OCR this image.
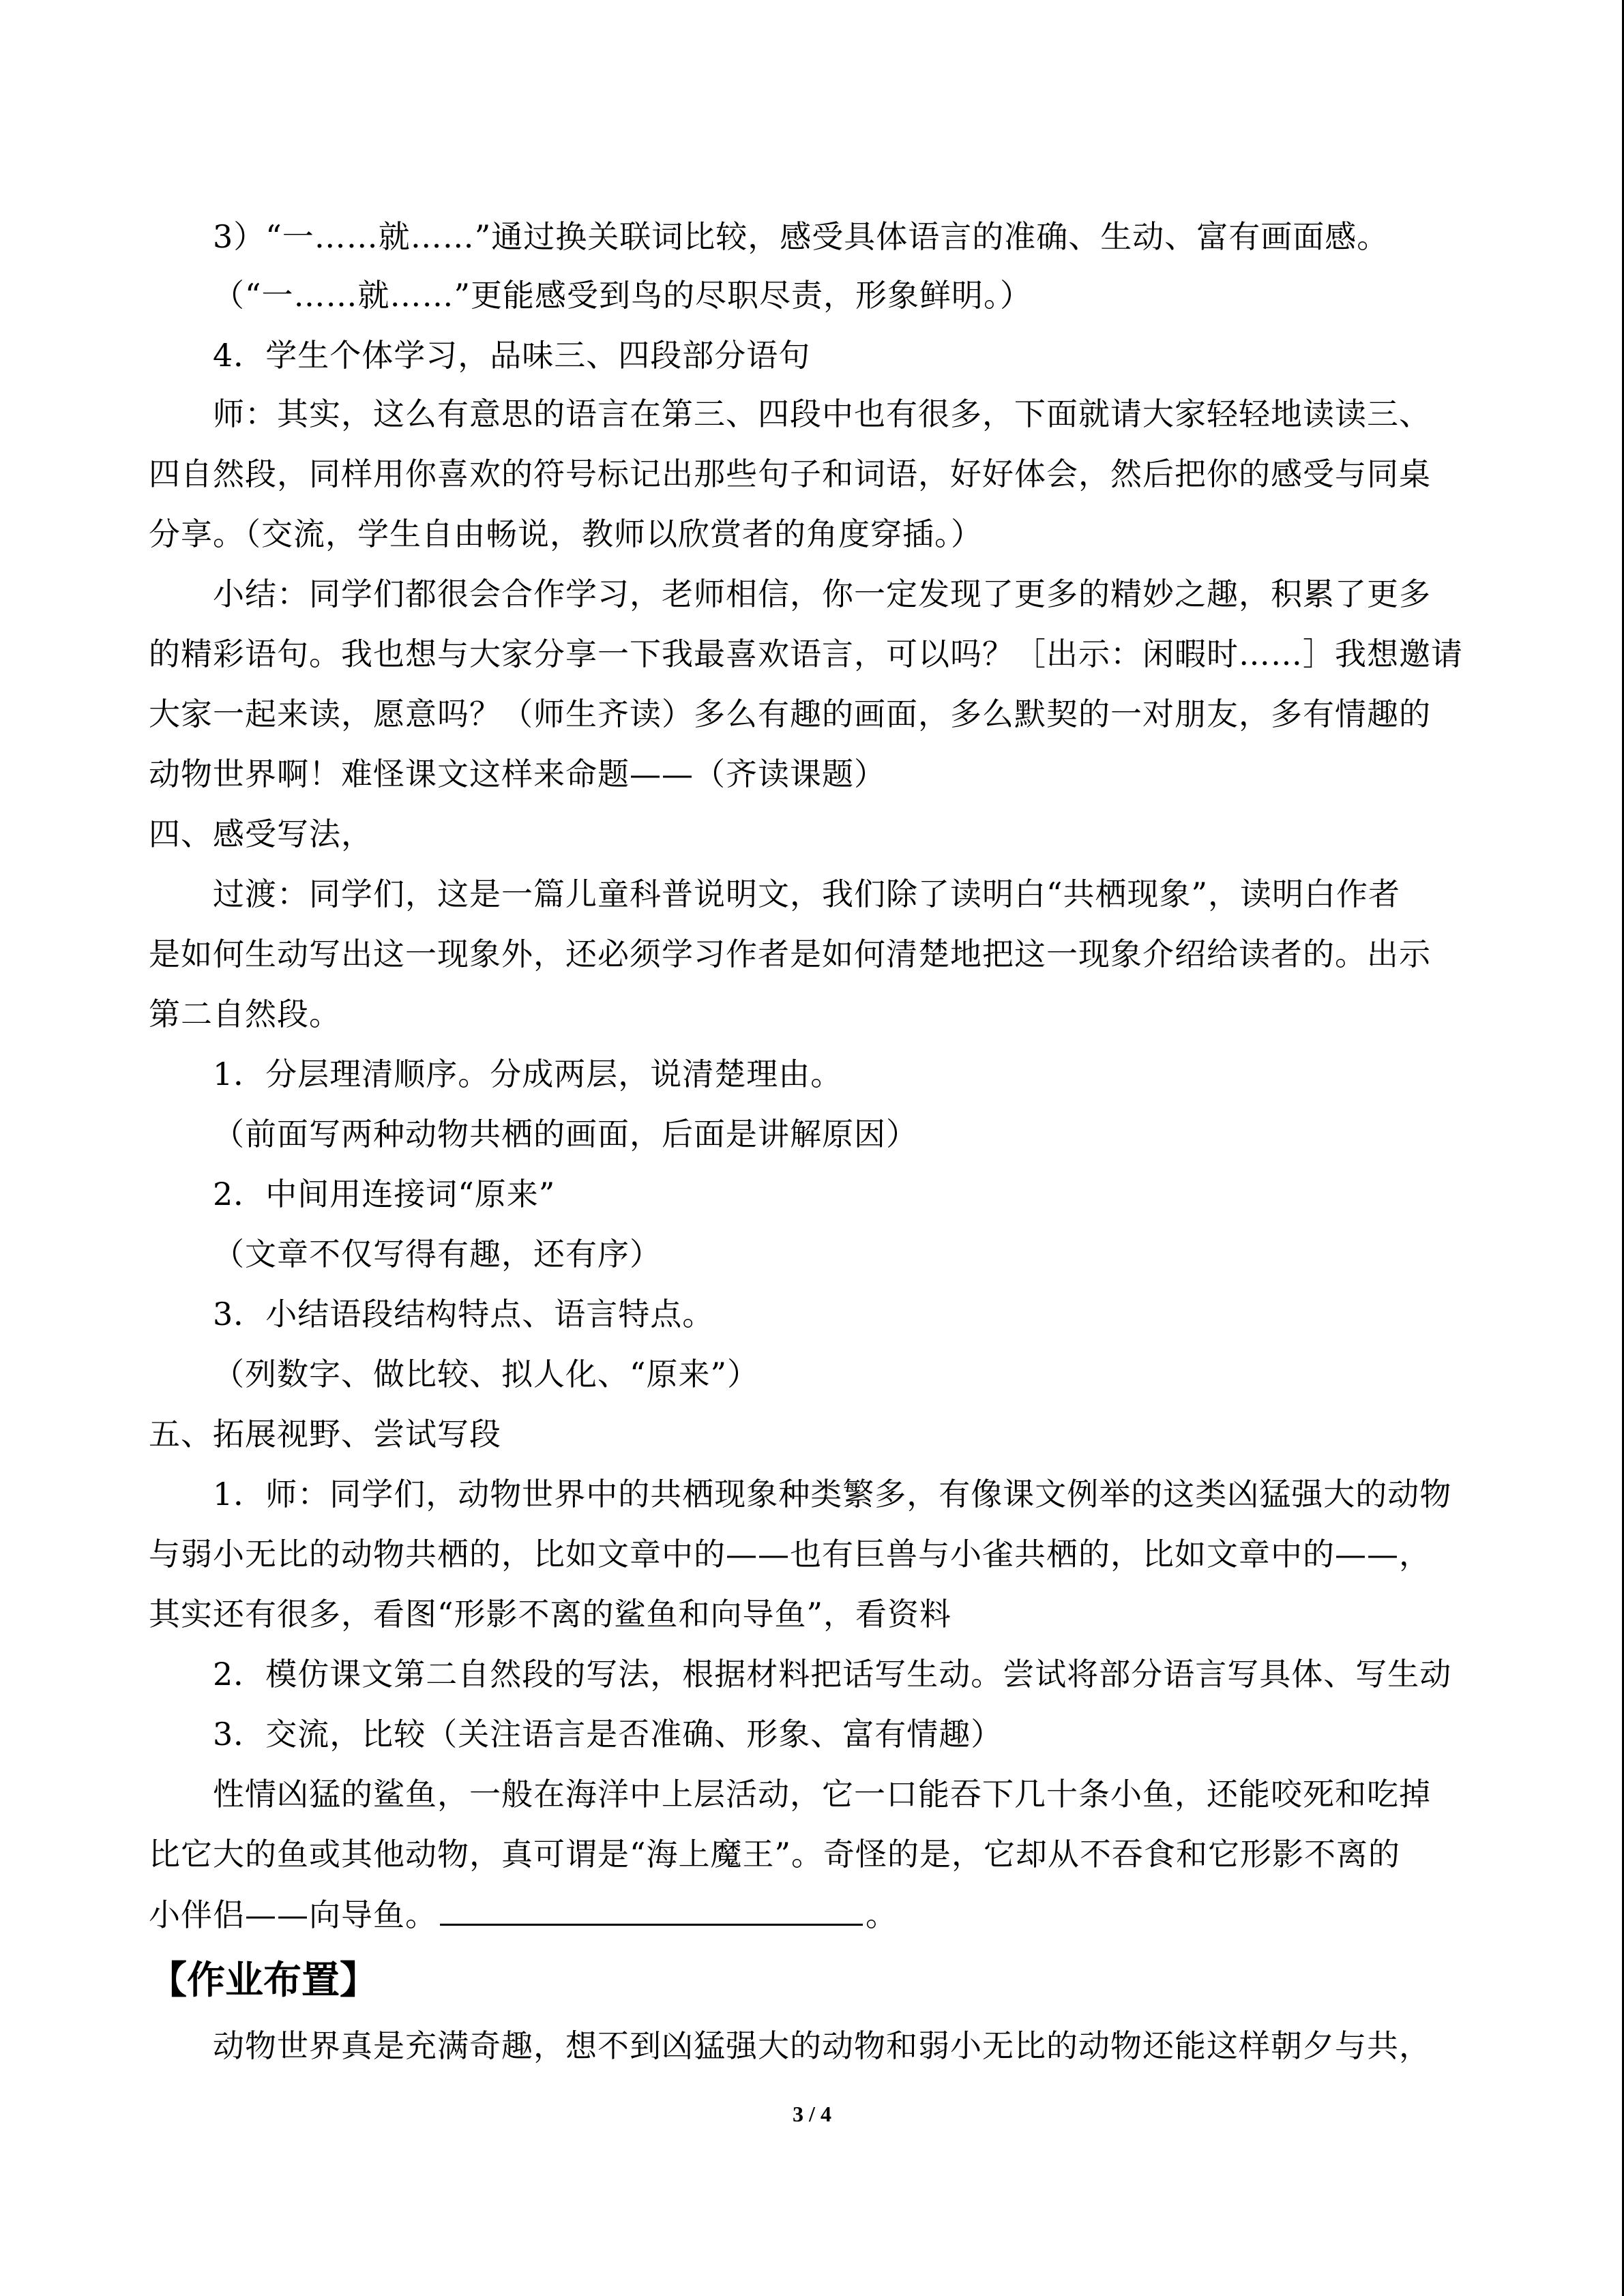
3）“一……就……”通过换关联词比较，感受具体语言的准确、生动、富有画面感。
（“一……就……”更能感受到鸟的尽职尽责，形象鲜明。）
4．学生个体学习，品味三、四段部分语句
师：其实，这么有意思的语言在第三、四段中也有很多，下面就请大家轻轻地读读三、
四自然段，同样用你喜欢的符号标记出那些句子和词语，好好体会，然后把你的感受与同桌
分享。（交流，学生自由畅说，教师以欣赏者的角度穿插。）
小结：同学们都很会合作学习，老师相信，你一定发现了更多的精妙之趣，积累了更多
的精彩语句。我也想与大家分享一下我最喜欢语言，可以吗？［出示：闲暇时……］我想邀请
大家一起来读，愿意吗？（师生齐读）多么有趣的画面，多么默契的一对朋友，多有情趣的
动物世界啊！难怪课文这样来命题——（齐读课题）
四、感受写法，
过渡：同学们，这是一篇儿童科普说明文，我们除了读明白“共栖现象”，读明白作者
是如何生动写出这一现象外，还必须学习作者是如何清楚地把这一现象介绍给读者的。出示
第二自然段。
1．分层理清顺序。分成两层，说清楚理由。
（前面写两种动物共栖的画面，后面是讲解原因）
2．中间用连接词“原来”
（文章不仅写得有趣，还有序）
3．小结语段结构特点、语言特点。
（列数字、做比较、拟人化、“原来”）
五、拓展视野、尝试写段
1．师：同学们，动物世界中的共栖现象种类繁多，有像课文例举的这类凶猛强大的动物
与弱小无比的动物共栖的，比如文章中的——也有巨兽与小雀共栖的，比如文章中的——，
其实还有很多，看图“形影不离的鲨鱼和向导鱼”，看资料
2．模仿课文第二自然段的写法，根据材料把话写生动。尝试将部分语言写具体、写生动
3．交流，比较（关注语言是否准确、形象、富有情趣）
性情凶猛的鲨鱼，一般在海洋中上层活动，它一口能吞下几十条小鱼，还能咬死和吃掉
比它大的鱼或其他动物，真可谓是“海上魔王”。奇怪的是，它却从不吞食和它形影不离的
小伴侣——向导鱼。	。
【作业布置】
动物世界真是充满奇趣，想不到凶猛强大的动物和弱小无比的动物还能这样朝夕与共，
3 / 4
